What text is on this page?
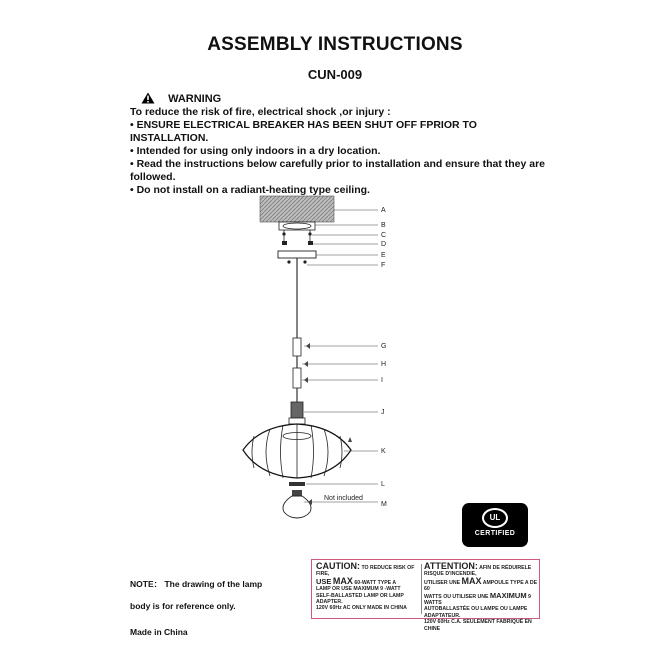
ASSEMBLY INSTRUCTIONS
CUN-009
WARNING
To reduce the risk of fire, electrical shock ,or injury :
• ENSURE ELECTRICAL BREAKER HAS BEEN SHUT OFF FPRIOR TO INSTALLATION.
• Intended for using only indoors in a dry location.
• Read the instructions below carefully prior to installation and ensure that they are
followed.
• Do not install on a radiant-heating type ceiling.
A
B
C
D
E
F
G
H
I
J
K
L
M
Not included
UL
CERTIFIED
NOTE： The drawing of the lamp
body is for reference only.
Made in China
CAUTION: TO REDUCE RISK OF FIRE,
USE MAX 60-WATT TYPE A
LAMP OR USE MAXIMUM 9 -WATT
SELF-BALLASTED LAMP OR LAMP ADAPTER.
120V 60Hz AC ONLY MADE IN CHINA
ATTENTION: AFIN DE RÉDUIRELE RISQUE D'INCENDIE,
UTILISER UNE MAX AMPOULE TYPE A DE 60
WATTS OU UTILISER UNE MAXIMUM 9 WATTS
AUTOBALLASTÉE OU LAMPE OU LAMPE ADAPTATEUR.
120V 60Hz C.A. SEULEMENT FABRIQUÉ EN CHINE
